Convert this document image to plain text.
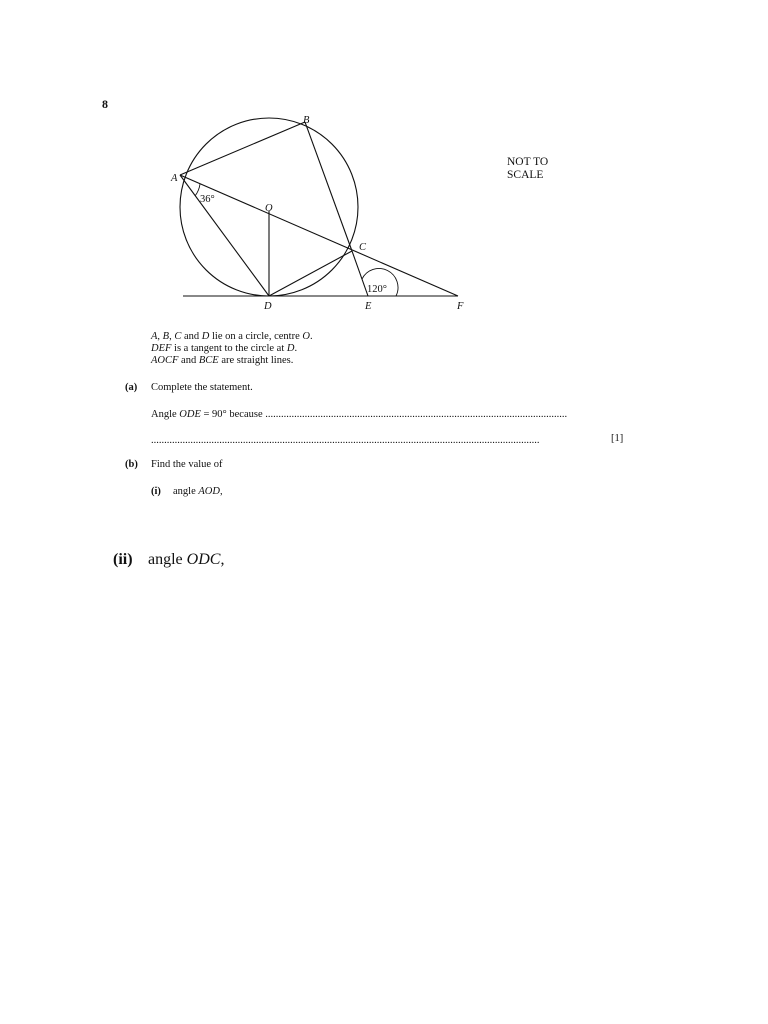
8
A
B
C
D	E	F
O
36°
120°
NOT TO
SCALE
A, B, C and D lie on a circle, centre O.
DEF is a tangent to the circle at D.
AOCF and BCE are straight lines.
(a) Complete the statement.
Angle ODE = 90° because ...................................................................................................................
....................................................................................................................................................	[1]
(b) Find the value of
(i) angle AOD,
(ii) angle ODC,
